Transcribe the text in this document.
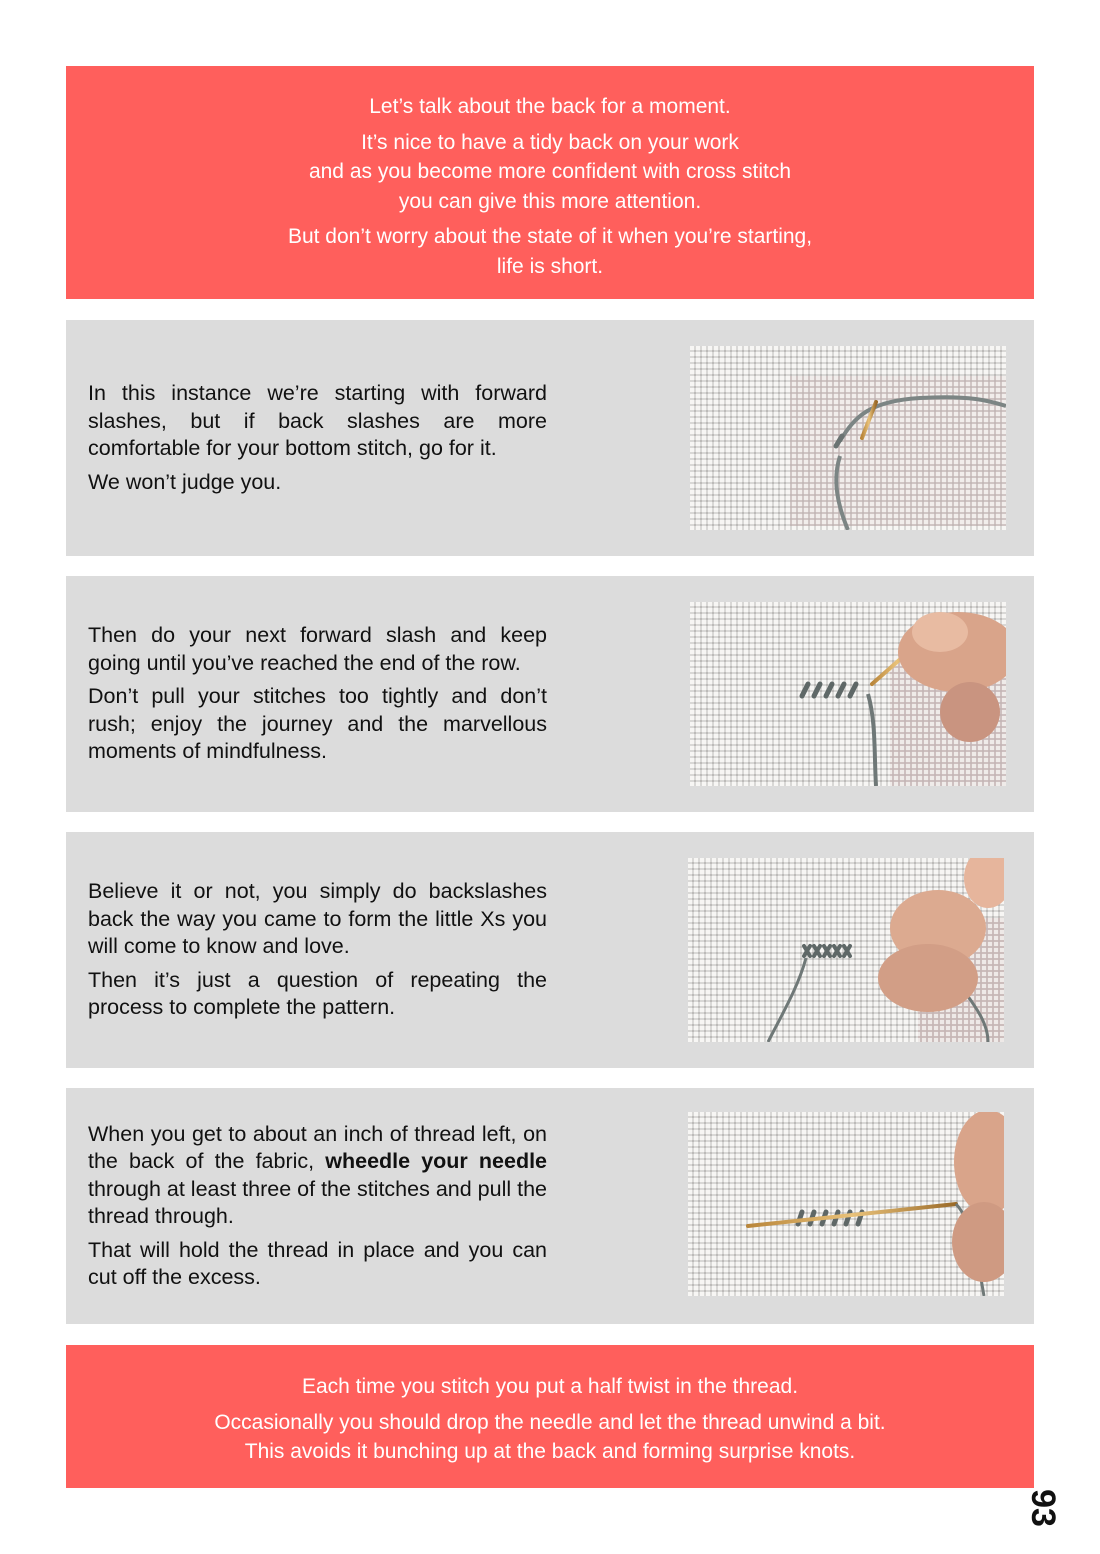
Let’s talk about the back for a moment.

It’s nice to have a tidy back on your work
and as you become more confident with cross stitch
you can give this more attention.

But don’t worry about the state of it when you’re starting,
life is short.

In this instance we’re starting with forward slashes, but if back slashes are more comfortable for your bottom stitch, go for it.

We won’t judge you.

Then do your next forward slash and keep going until you’ve reached the end of the row.

Don’t pull your stitches too tightly and don’t rush; enjoy the journey and the marvellous moments of mindfulness.

Believe it or not, you simply do backslashes back the way you came to form the little Xs you will come to know and love.

Then it’s just a question of repeating the process to complete the pattern.

When you get to about an inch of thread left, on the back of the fabric, wheedle your needle through at least three of the stitches and pull the thread through.

That will hold the thread in place and you can cut off the excess.

Each time you stitch you put a half twist in the thread.

Occasionally you should drop the needle and let the thread unwind a bit.
This avoids it bunching up at the back and forming surprise knots.

93
